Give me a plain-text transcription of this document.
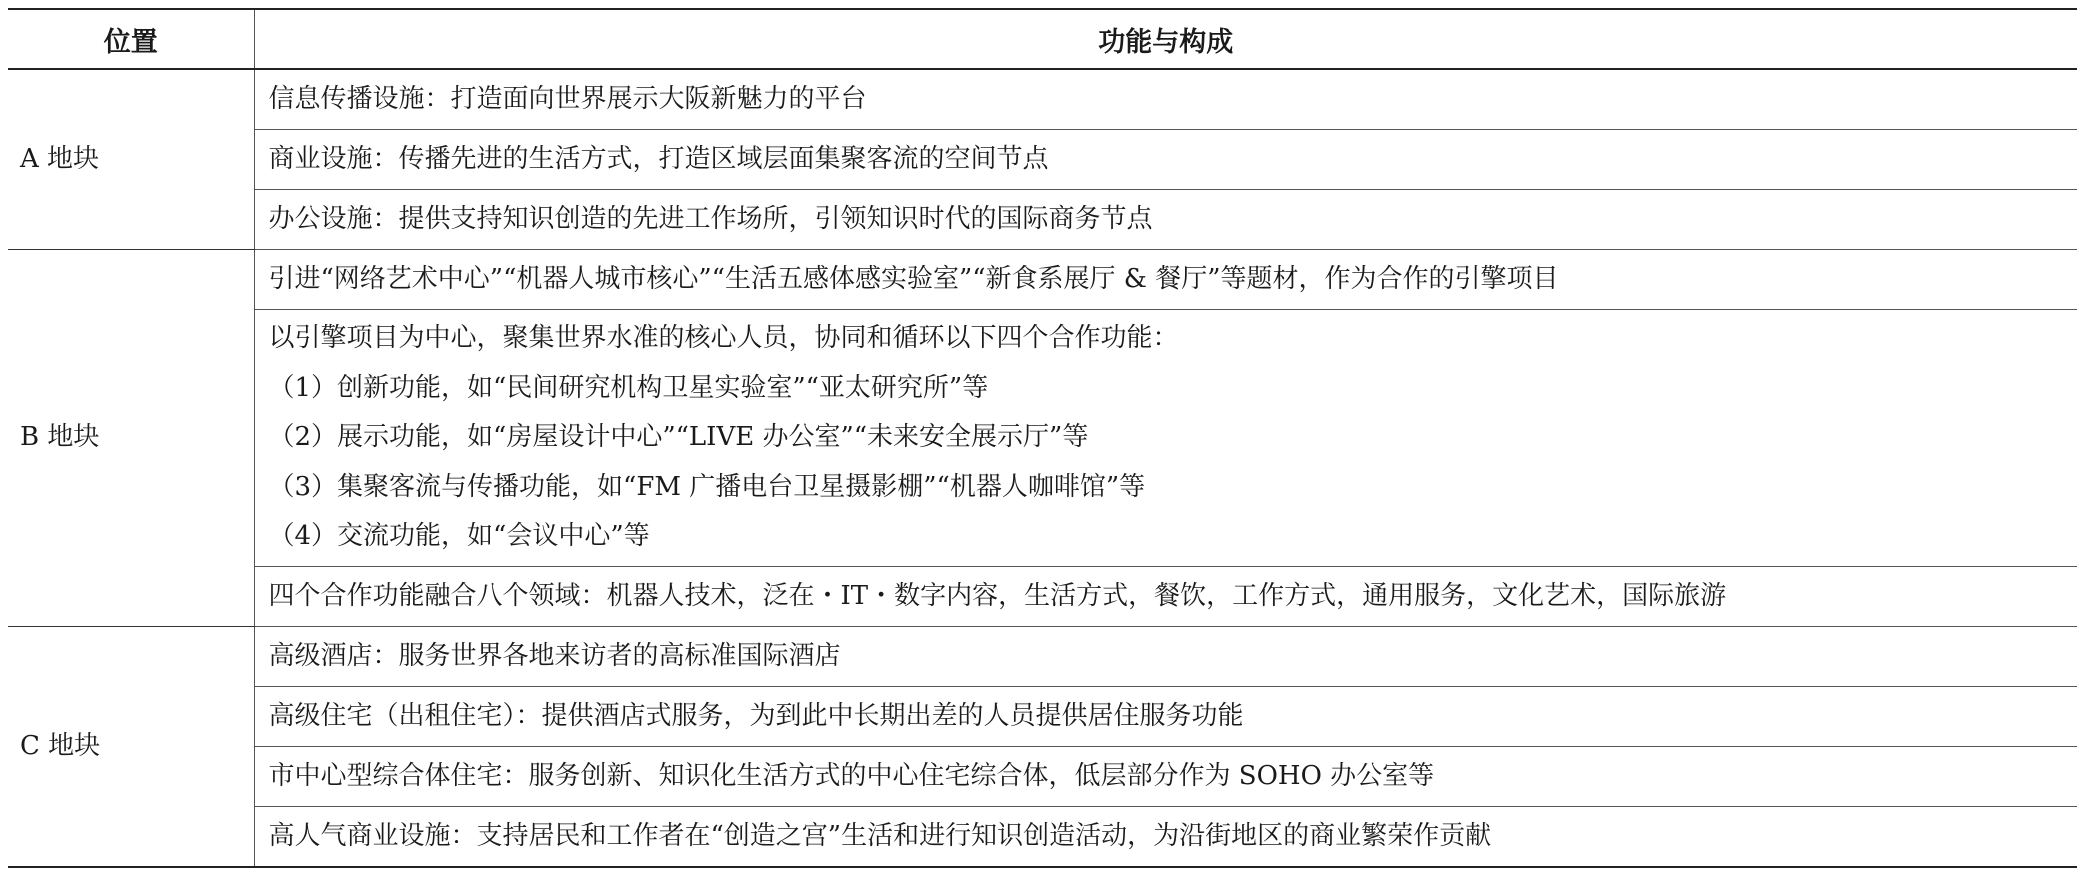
位置	功能与构成
A 地块	信息传播设施：打造面向世界展示大阪新魅力的平台
	商业设施：传播先进的生活方式，打造区域层面集聚客流的空间节点
	办公设施：提供支持知识创造的先进工作场所，引领知识时代的国际商务节点
B 地块	引进“网络艺术中心”“机器人城市核心”“生活五感体感实验室”“新食系展厅 & 餐厅”等题材，作为合作的引擎项目

	以引擎项目为中心，聚集世界水准的核心人员，协同和循环以下四个合作功能：
（1）创新功能，如“民间研究机构卫星实验室”“亚太研究所”等
（2）展示功能，如“房屋设计中心”“LIVE 办公室”“未来安全展示厅”等
（3）集聚客流与传播功能，如“FM 广播电台卫星摄影棚”“机器人咖啡馆”等
（4）交流功能，如“会议中心”等

	四个合作功能融合八个领域：机器人技术，泛在・IT・数字内容，生活方式，餐饮，工作方式，通用服务，文化艺术，国际旅游
C 地块	高级酒店：服务世界各地来访者的高标准国际酒店
	高级住宅（出租住宅）：提供酒店式服务，为到此中长期出差的人员提供居住服务功能
	市中心型综合体住宅：服务创新、知识化生活方式的中心住宅综合体，低层部分作为 SOHO 办公室等
	高人气商业设施：支持居民和工作者在“创造之宫”生活和进行知识创造活动，为沿街地区的商业繁荣作贡献
